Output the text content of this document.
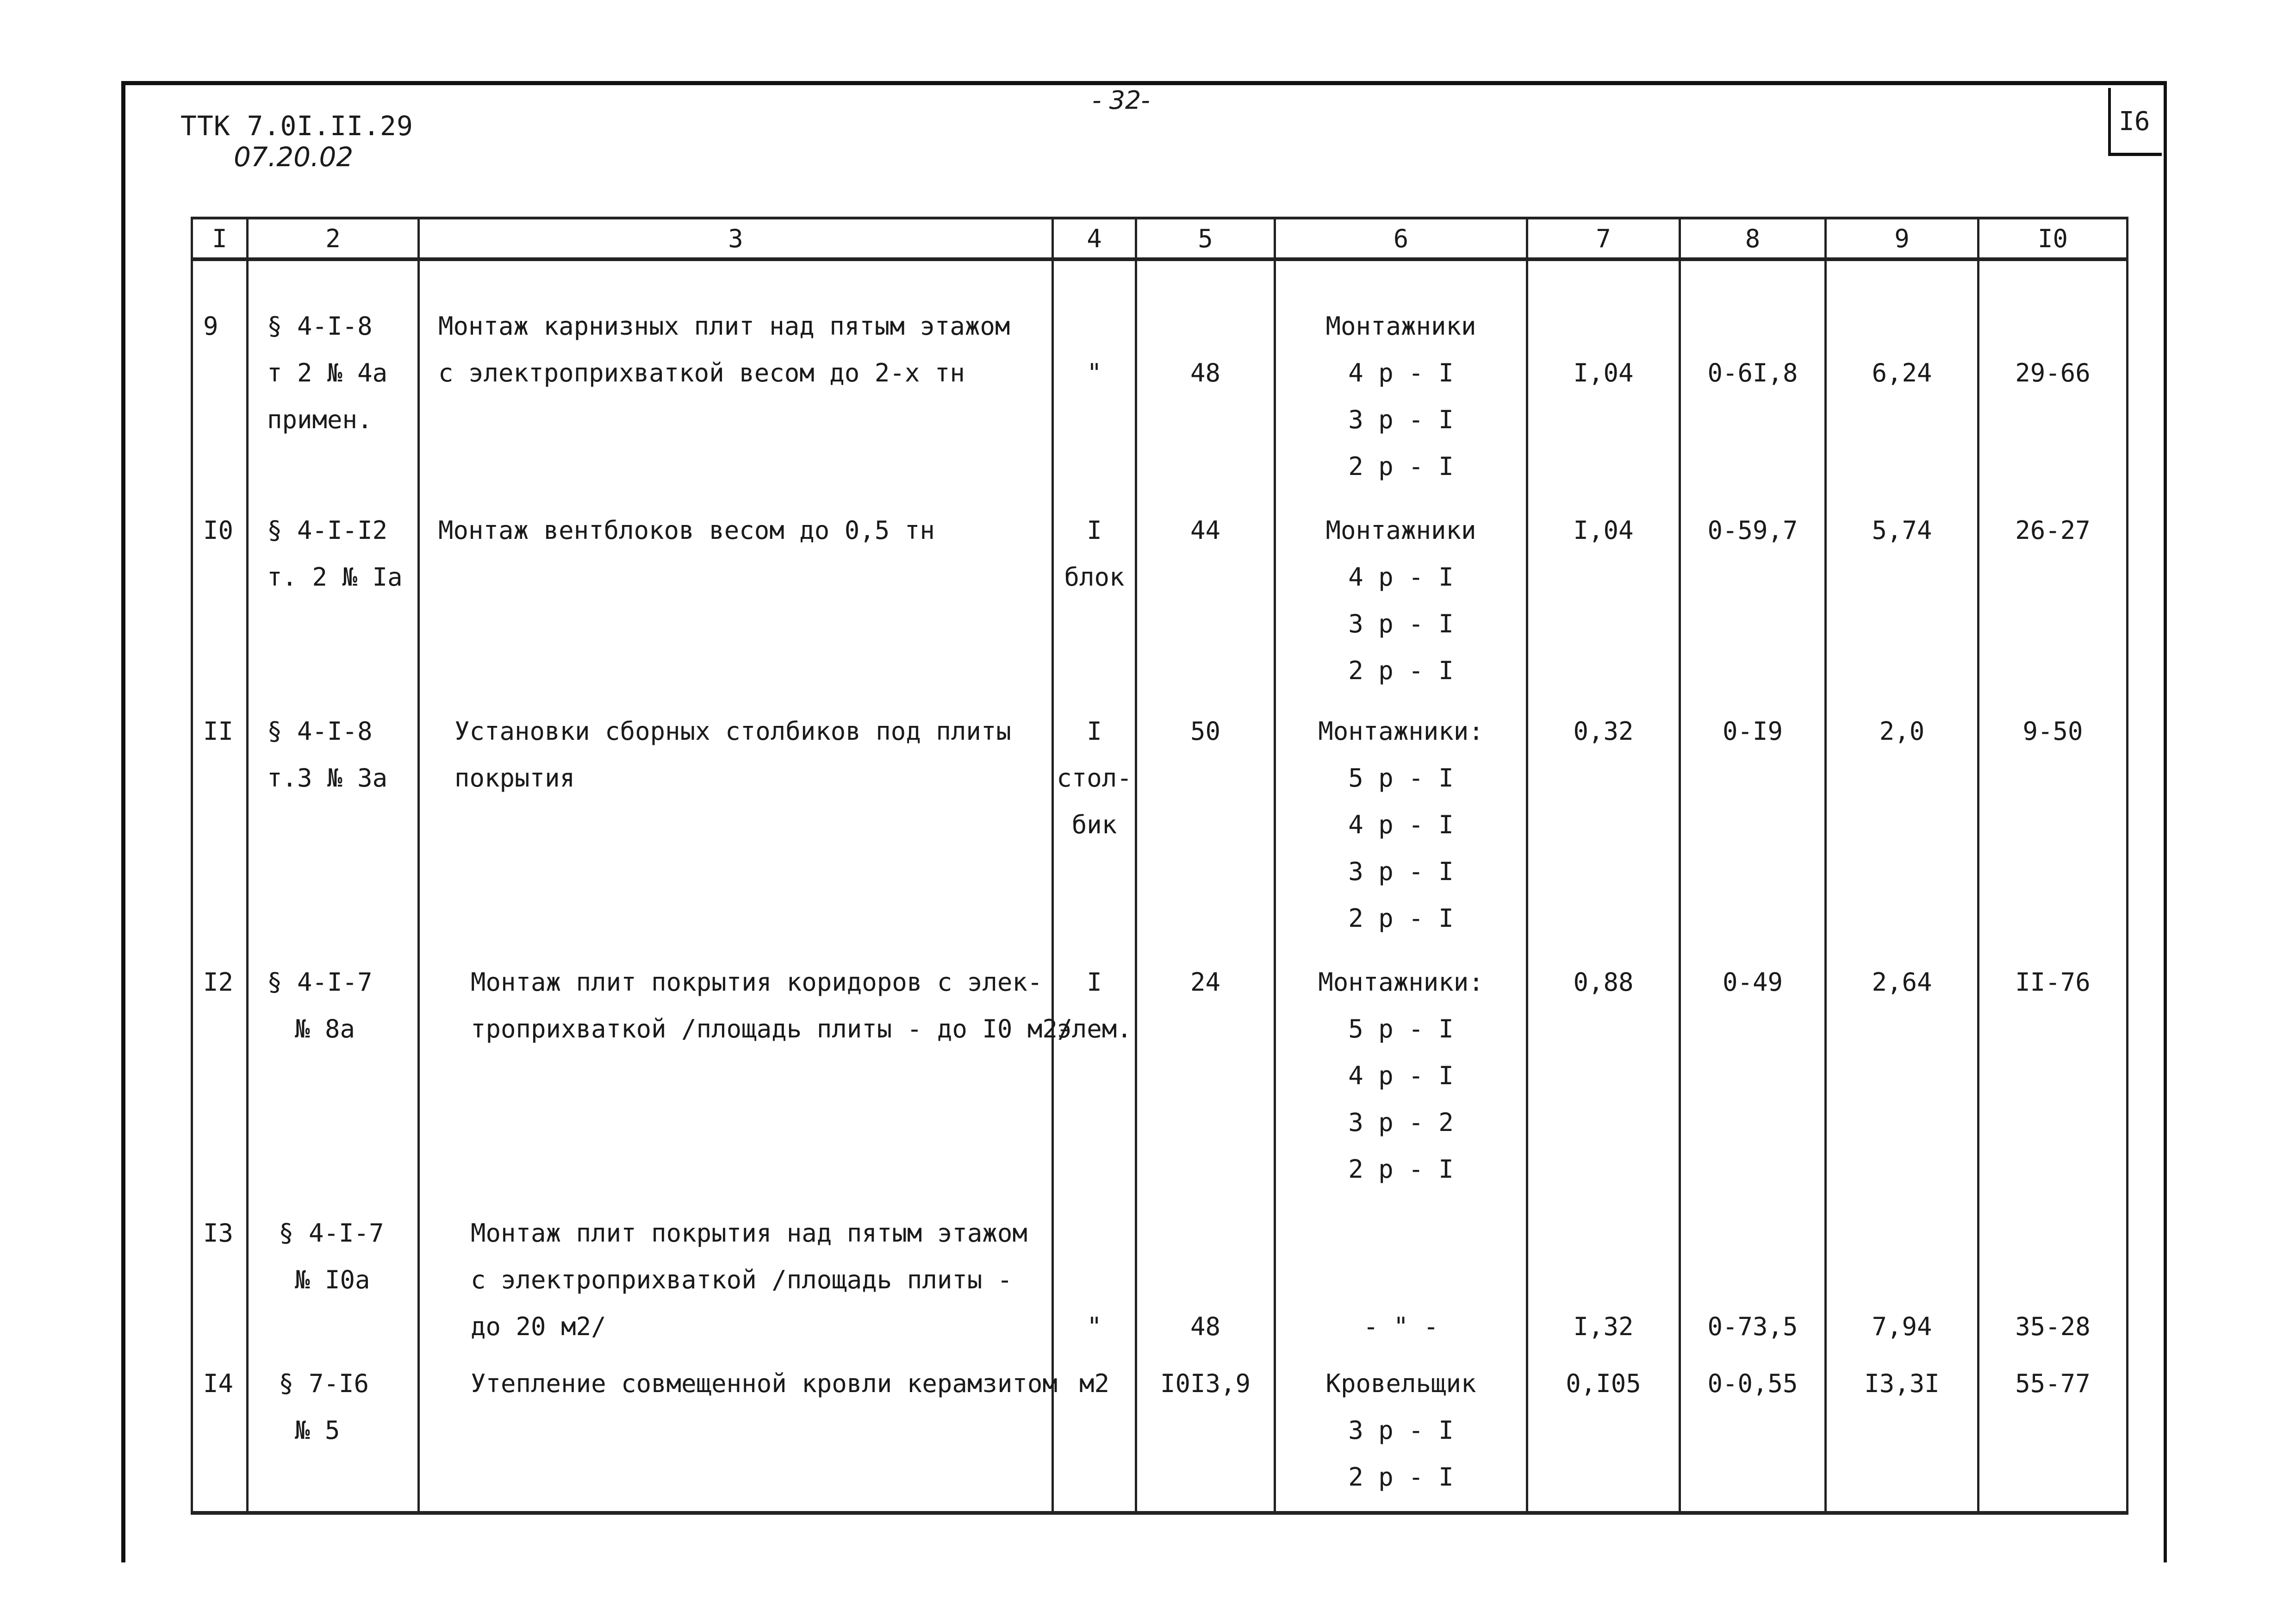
ТТК 7.0I.II.29
07.20.02
- 32-
I6
I	2	3	4	5	6	7	8	9	I0

9	§ 4-I-8
т 2 № 4а
примен.	Монтаж карнизных плит над пятым этажом
с электроприхваткой весом до 2-х тн	"	48	Монтажники
4 р - I
3 р - I
2 р - I	I,04	0-6I,8	6,24	29-66

I0	§ 4-I-I2
т. 2 № Iа	Монтаж вентблоков весом до 0,5 тн	I
блок	44	Монтажники
4 р - I
3 р - I
2 р - I	I,04	0-59,7	5,74	26-27

II	§ 4-I-8
т.3 № 3а	Установки сборных столбиков под плиты
покрытия	I
стол-
бик	50	Монтажники:
5 р - I
4 р - I
3 р - I
2 р - I	0,32	0-I9	2,0	9-50

I2	§ 4-I-7
№ 8а	Монтаж плит покрытия коридоров с элек-
троприхваткой /площадь плиты - до I0 м2/	I
элем.	24	Монтажники:
5 р - I
4 р - I
3 р - 2
2 р - I	0,88	0-49	2,64	II-76

I3	§ 4-I-7
№ I0а	Монтаж плит покрытия над пятым этажом
с электроприхваткой /площадь плиты -
до 20 м2/	"	48	- " -	I,32	0-73,5	7,94	35-28

I4	§ 7-I6
№ 5	Утепление совмещенной кровли керамзитом	м2	I0I3,9	Кровельщик
3 р - I
2 р - I	0,I05	0-0,55	I3,3I	55-77
